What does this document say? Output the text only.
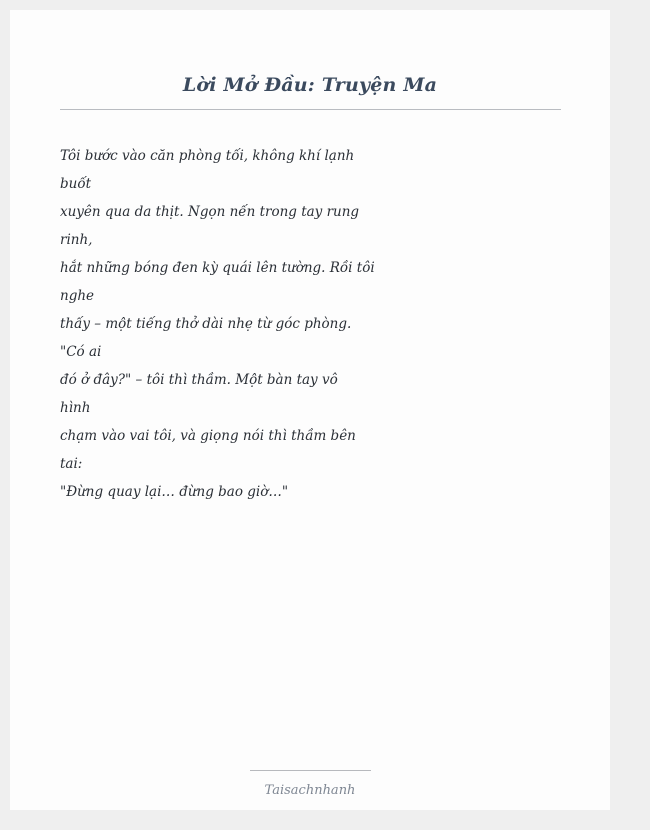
Lời Mở Đầu: Truyện Ma
Tôi bước vào căn phòng tối, không khí lạnh
buốt
xuyên qua da thịt. Ngọn nến trong tay rung
rinh,
hắt những bóng đen kỳ quái lên tường. Rồi tôi
nghe
thấy – một tiếng thở dài nhẹ từ góc phòng.
"Có ai
đó ở đây?" – tôi thì thầm. Một bàn tay vô
hình
chạm vào vai tôi, và giọng nói thì thầm bên
tai:
"Đừng quay lại… đừng bao giờ…"
Taisachnhanh
